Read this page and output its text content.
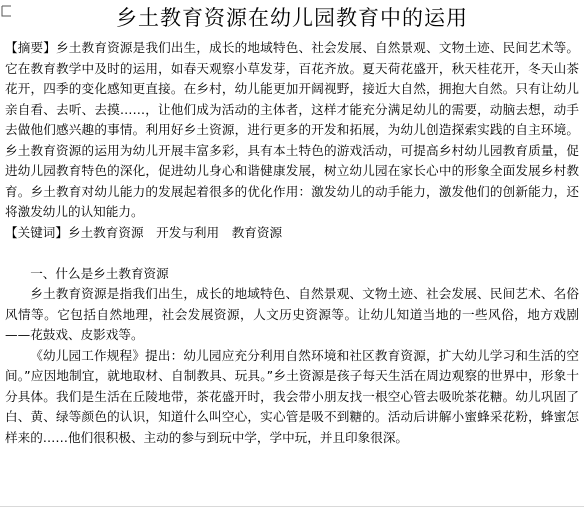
乡土教育资源在幼儿园教育中的运用

【摘要】乡土教育资源是我们出生，成长的地域特色、社会发展、自然景观、文物土迹、民间艺术等。它在教育教学中及时的运用，如春天观察小草发芽，百花齐放。夏天荷花盛开，秋天桂花开，冬天山茶花开，四季的变化感知更直接。在乡村，幼儿能更加开阔视野，接近大自然，拥抱大自然。只有让幼儿亲自看、去听、去摸……，让他们成为活动的主体者，这样才能充分满足幼儿的需要，动脑去想，动手去做他们感兴趣的事情。利用好乡土资源，进行更多的开发和拓展，为幼儿创造探索实践的自主环境。乡土教育资源的运用为幼儿开展丰富多彩，具有本土特色的游戏活动，可提高乡村幼儿园教育质量，促进幼儿园教育特色的深化，促进幼儿身心和谐健康发展，树立幼儿园在家长心中的形象全面发展乡村教育。乡土教育对幼儿能力的发展起着很多的优化作用：激发幼儿的动手能力，激发他们的创新能力，还将激发幼儿的认知能力。

【关键词】乡土教育资源　开发与利用　教育资源

　一、什么是乡土教育资源

乡土教育资源是指我们出生，成长的地域特色、自然景观、文物土迹、社会发展、民间艺术、名俗风情等。它包括自然地理，社会发展资源，人文历史资源等。让幼儿知道当地的一些风俗，地方戏剧——花鼓戏、皮影戏等。

《幼儿园工作规程》提出：幼儿园应充分利用自然环境和社区教育资源，扩大幼儿学习和生活的空间。”应因地制宜，就地取材、自制教具、玩具。”乡土资源是孩子每天生活在周边观察的世界中，形象十分具体。我们是生活在丘陵地带，茶花盛开时，我会带小朋友找一根空心管去吸吮茶花糖。幼儿巩固了白、黄、绿等颜色的认识，知道什么叫空心，实心管是吸不到糖的。活动后讲解小蜜蜂采花粉，蜂蜜怎样来的……他们很积极、主动的参与到玩中学，学中玩，并且印象很深。
